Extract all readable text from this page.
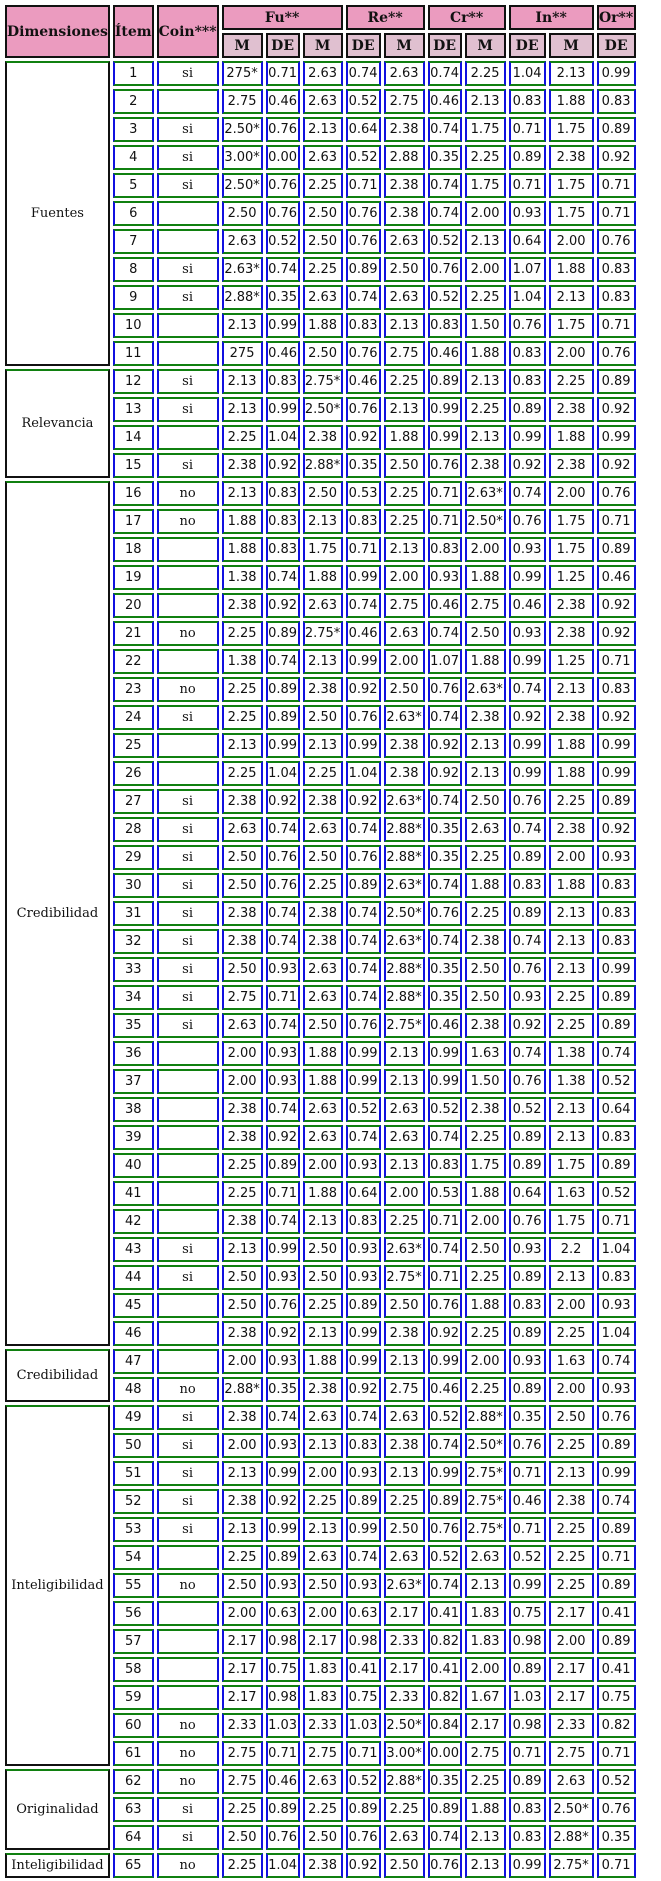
Dimensiones	Ítem	Coin***	Fu**			Re**		Cr**		In**		Or**
			M	DE	M	DE	M	DE	M	DE	M	DE
Fuentes	1	si	275*	0.71	2.63	0.74	2.63	0.74	2.25	1.04	2.13	0.99
	2		2.75	0.46	2.63	0.52	2.75	0.46	2.13	0.83	1.88	0.83
	3	si	2.50*	0.76	2.13	0.64	2.38	0.74	1.75	0.71	1.75	0.89
	4	si	3.00*	0.00	2.63	0.52	2.88	0.35	2.25	0.89	2.38	0.92
	5	si	2.50*	0.76	2.25	0.71	2.38	0.74	1.75	0.71	1.75	0.71
	6		2.50	0.76	2.50	0.76	2.38	0.74	2.00	0.93	1.75	0.71
	7		2.63	0.52	2.50	0.76	2.63	0.52	2.13	0.64	2.00	0.76
	8	si	2.63*	0.74	2.25	0.89	2.50	0.76	2.00	1.07	1.88	0.83
	9	si	2.88*	0.35	2.63	0.74	2.63	0.52	2.25	1.04	2.13	0.83
	10		2.13	0.99	1.88	0.83	2.13	0.83	1.50	0.76	1.75	0.71
	11		275	0.46	2.50	0.76	2.75	0.46	1.88	0.83	2.00	0.76
Relevancia	12	si	2.13	0.83	2.75*	0.46	2.25	0.89	2.13	0.83	2.25	0.89
	13	si	2.13	0.99	2.50*	0.76	2.13	0.99	2.25	0.89	2.38	0.92
	14		2.25	1.04	2.38	0.92	1.88	0.99	2.13	0.99	1.88	0.99
	15	si	2.38	0.92	2.88*	0.35	2.50	0.76	2.38	0.92	2.38	0.92
Credibilidad	16	no	2.13	0.83	2.50	0.53	2.25	0.71	2.63*	0.74	2.00	0.76
	17	no	1.88	0.83	2.13	0.83	2.25	0.71	2.50*	0.76	1.75	0.71
	18		1.88	0.83	1.75	0.71	2.13	0.83	2.00	0.93	1.75	0.89
	19		1.38	0.74	1.88	0.99	2.00	0.93	1.88	0.99	1.25	0.46
	20		2.38	0.92	2.63	0.74	2.75	0.46	2.75	0.46	2.38	0.92
	21	no	2.25	0.89	2.75*	0.46	2.63	0.74	2.50	0.93	2.38	0.92
	22		1.38	0.74	2.13	0.99	2.00	1.07	1.88	0.99	1.25	0.71
	23	no	2.25	0.89	2.38	0.92	2.50	0.76	2.63*	0.74	2.13	0.83
	24	si	2.25	0.89	2.50	0.76	2.63*	0.74	2.38	0.92	2.38	0.92
	25		2.13	0.99	2.13	0.99	2.38	0.92	2.13	0.99	1.88	0.99
	26		2.25	1.04	2.25	1.04	2.38	0.92	2.13	0.99	1.88	0.99
	27	si	2.38	0.92	2.38	0.92	2.63*	0.74	2.50	0.76	2.25	0.89
	28	si	2.63	0.74	2.63	0.74	2.88*	0.35	2.63	0.74	2.38	0.92
	29	si	2.50	0.76	2.50	0.76	2.88*	0.35	2.25	0.89	2.00	0.93
	30	si	2.50	0.76	2.25	0.89	2.63*	0.74	1.88	0.83	1.88	0.83
	31	si	2.38	0.74	2.38	0.74	2.50*	0.76	2.25	0.89	2.13	0.83
	32	si	2.38	0.74	2.38	0.74	2.63*	0.74	2.38	0.74	2.13	0.83
	33	si	2.50	0.93	2.63	0.74	2.88*	0.35	2.50	0.76	2.13	0.99
	34	si	2.75	0.71	2.63	0.74	2.88*	0.35	2.50	0.93	2.25	0.89
	35	si	2.63	0.74	2.50	0.76	2.75*	0.46	2.38	0.92	2.25	0.89
	36		2.00	0.93	1.88	0.99	2.13	0.99	1.63	0.74	1.38	0.74
	37		2.00	0.93	1.88	0.99	2.13	0.99	1.50	0.76	1.38	0.52
	38		2.38	0.74	2.63	0.52	2.63	0.52	2.38	0.52	2.13	0.64
	39		2.38	0.92	2.63	0.74	2.63	0.74	2.25	0.89	2.13	0.83
	40		2.25	0.89	2.00	0.93	2.13	0.83	1.75	0.89	1.75	0.89
	41		2.25	0.71	1.88	0.64	2.00	0.53	1.88	0.64	1.63	0.52
	42		2.38	0.74	2.13	0.83	2.25	0.71	2.00	0.76	1.75	0.71
	43	si	2.13	0.99	2.50	0.93	2.63*	0.74	2.50	0.93	2.2	1.04
	44	si	2.50	0.93	2.50	0.93	2.75*	0.71	2.25	0.89	2.13	0.83
	45		2.50	0.76	2.25	0.89	2.50	0.76	1.88	0.83	2.00	0.93
	46		2.38	0.92	2.13	0.99	2.38	0.92	2.25	0.89	2.25	1.04
Credibilidad	47		2.00	0.93	1.88	0.99	2.13	0.99	2.00	0.93	1.63	0.74
	48	no	2.88*	0.35	2.38	0.92	2.75	0.46	2.25	0.89	2.00	0.93
Inteligibilidad	49	si	2.38	0.74	2.63	0.74	2.63	0.52	2.88*	0.35	2.50	0.76
	50	si	2.00	0.93	2.13	0.83	2.38	0.74	2.50*	0.76	2.25	0.89
	51	si	2.13	0.99	2.00	0.93	2.13	0.99	2.75*	0.71	2.13	0.99
	52	si	2.38	0.92	2.25	0.89	2.25	0.89	2.75*	0.46	2.38	0.74
	53	si	2.13	0.99	2.13	0.99	2.50	0.76	2.75*	0.71	2.25	0.89
	54		2.25	0.89	2.63	0.74	2.63	0.52	2.63	0.52	2.25	0.71
	55	no	2.50	0.93	2.50	0.93	2.63*	0.74	2.13	0.99	2.25	0.89
	56		2.00	0.63	2.00	0.63	2.17	0.41	1.83	0.75	2.17	0.41
	57		2.17	0.98	2.17	0.98	2.33	0.82	1.83	0.98	2.00	0.89
	58		2.17	0.75	1.83	0.41	2.17	0.41	2.00	0.89	2.17	0.41
	59		2.17	0.98	1.83	0.75	2.33	0.82	1.67	1.03	2.17	0.75
	60	no	2.33	1.03	2.33	1.03	2.50*	0.84	2.17	0.98	2.33	0.82
	61	no	2.75	0.71	2.75	0.71	3.00*	0.00	2.75	0.71	2.75	0.71
Originalidad	62	no	2.75	0.46	2.63	0.52	2.88*	0.35	2.25	0.89	2.63	0.52
	63	si	2.25	0.89	2.25	0.89	2.25	0.89	1.88	0.83	2.50*	0.76
	64	si	2.50	0.76	2.50	0.76	2.63	0.74	2.13	0.83	2.88*	0.35
Inteligibilidad	65	no	2.25	1.04	2.38	0.92	2.50	0.76	2.13	0.99	2.75*	0.71
